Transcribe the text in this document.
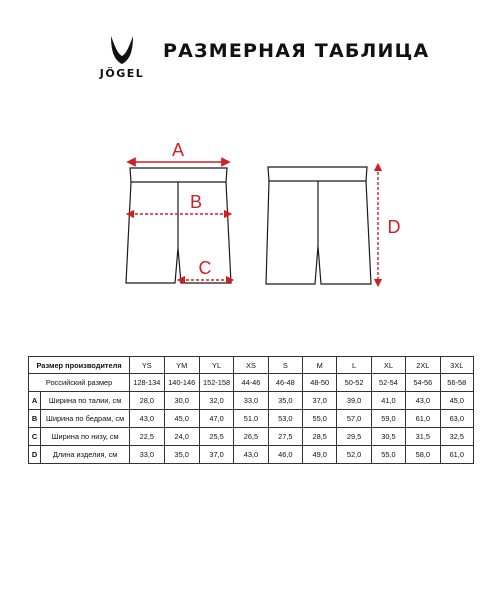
JÖGEL
РАЗМЕРНАЯ ТАБЛИЦА
A
B
C
D
Размер производителя		YS	YM	YL	XS	S	M	L	XL	2XL	3XL
Российский размер		128-134	140-146	152-158	44-46	46-48	48-50	50-52	52-54	54-56	56-58
A	Ширина по талии, см	28,0	30,0	32,0	33,0	35,0	37,0	39,0	41,0	43,0	45,0
B	Ширина по бедрам, см	43,0	45,0	47,0	51,0	53,0	55,0	57,0	59,0	61,0	63,0
C	Ширина по низу, см	22,5	24,0	25,5	26,5	27,5	28,5	29,5	30,5	31,5	32,5
D	Длина изделия, см	33,0	35,0	37,0	43,0	46,0	49,0	52,0	55,0	58,0	61,0
